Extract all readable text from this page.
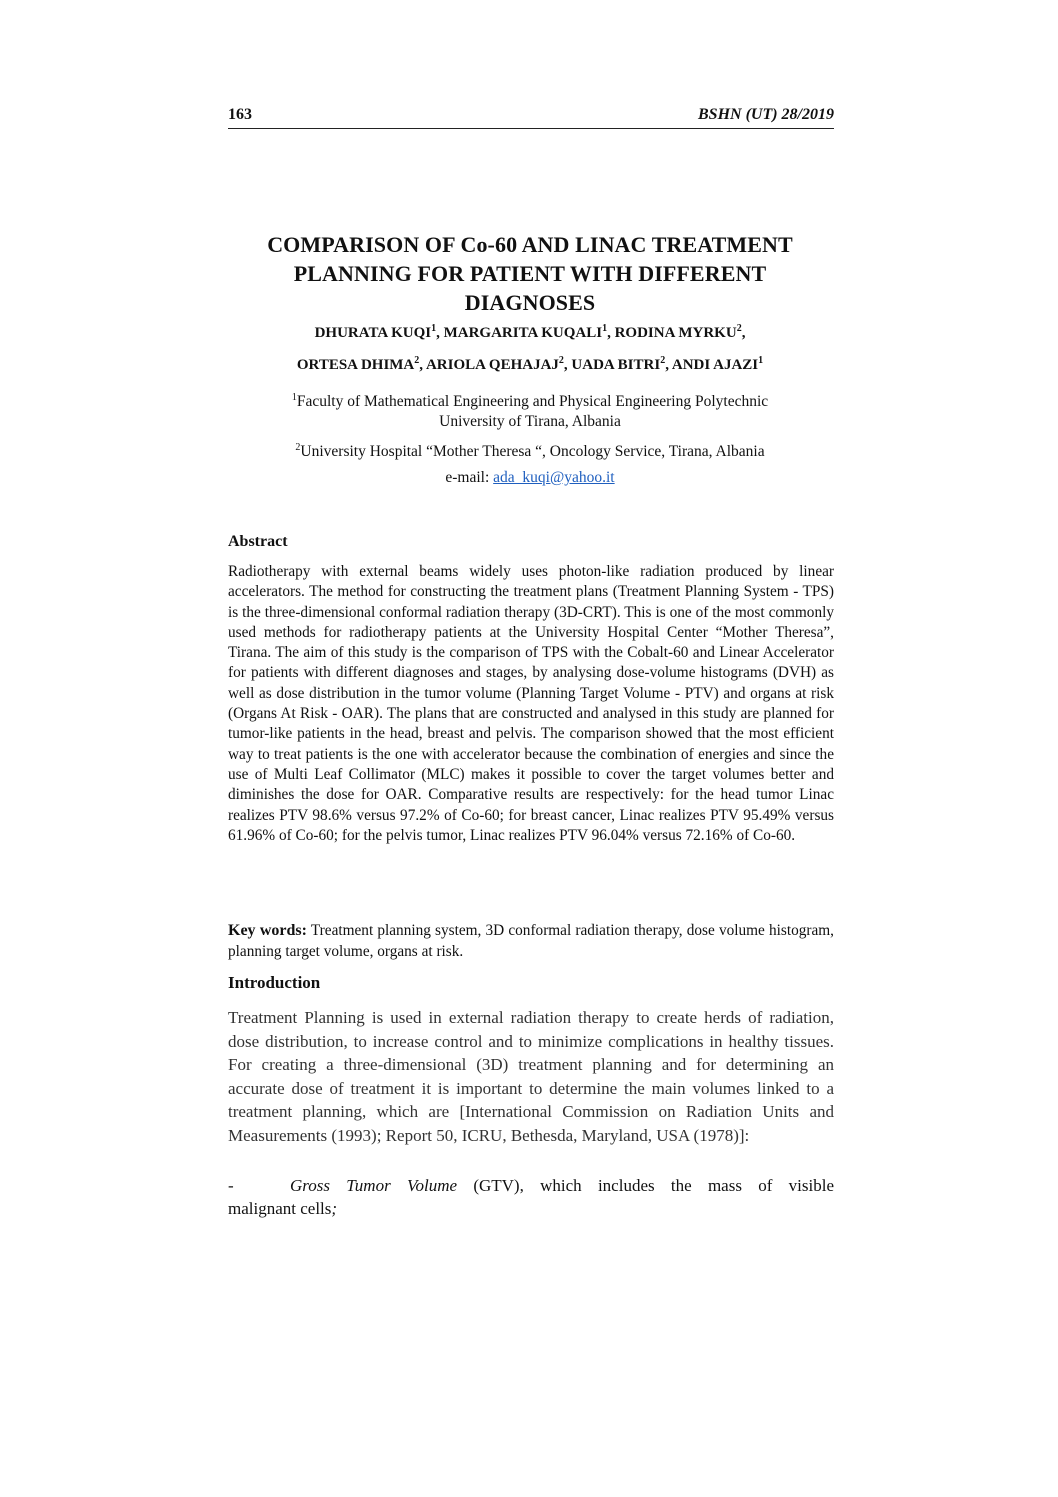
163	BSHN (UT) 28/2019
COMPARISON OF Co-60 AND LINAC TREATMENT
PLANNING FOR PATIENT WITH DIFFERENT
DIAGNOSES
DHURATA KUQI$^1$, MARGARITA KUQALI$^1$, RODINA MYRKU$^2$,
ORTESA DHIMA$^2$, ARIOLA QEHAJAJ$^2$, UADA BITRI$^2$, ANDI AJAZI$^1$
$^1$Faculty of Mathematical Engineering and Physical Engineering Polytechnic
University of Tirana, Albania
$^2$University Hospital “Mother Theresa “, Oncology Service, Tirana, Albania
e-mail: ada_kuqi@yahoo.it
Abstract
Radiotherapy with external beams widely uses photon-like radiation produced by linear accelerators. The method for constructing the treatment plans (Treatment Planning System - TPS) is the three-dimensional conformal radiation therapy (3D-CRT). This is one of the most commonly used methods for radiotherapy patients at the University Hospital Center “Mother Theresa”, Tirana. The aim of this study is the comparison of TPS with the Cobalt-60 and Linear Accelerator for patients with different diagnoses and stages, by analysing dose-volume histograms (DVH) as well as dose distribution in the tumor volume (Planning Target Volume - PTV) and organs at risk (Organs At Risk - OAR). The plans that are constructed and analysed in this study are planned for tumor-like patients in the head, breast and pelvis. The comparison showed that the most efficient way to treat patients is the one with accelerator because the combination of energies and since the use of Multi Leaf Collimator (MLC) makes it possible to cover the target volumes better and diminishes the dose for OAR. Comparative results are respectively: for the head tumor Linac realizes PTV 98.6% versus 97.2% of Co-60; for breast cancer, Linac realizes PTV 95.49% versus 61.96% of Co-60; for the pelvis tumor, Linac realizes PTV 96.04% versus 72.16% of Co-60.
Key words: Treatment planning system, 3D conformal radiation therapy, dose volume histogram, planning target volume, organs at risk.
Introduction
Treatment Planning is used in external radiation therapy to create herds of radiation, dose distribution, to increase control and to minimize complications in healthy tissues. For creating a three-dimensional (3D) treatment planning and for determining an accurate dose of treatment it is important to determine the main volumes linked to a treatment planning, which are [International Commission on Radiation Units and Measurements (1993); Report 50, ICRU, Bethesda, Maryland, USA (1978)]:
-	Gross Tumor Volume (GTV), which includes the mass of visible
malignant cells;
